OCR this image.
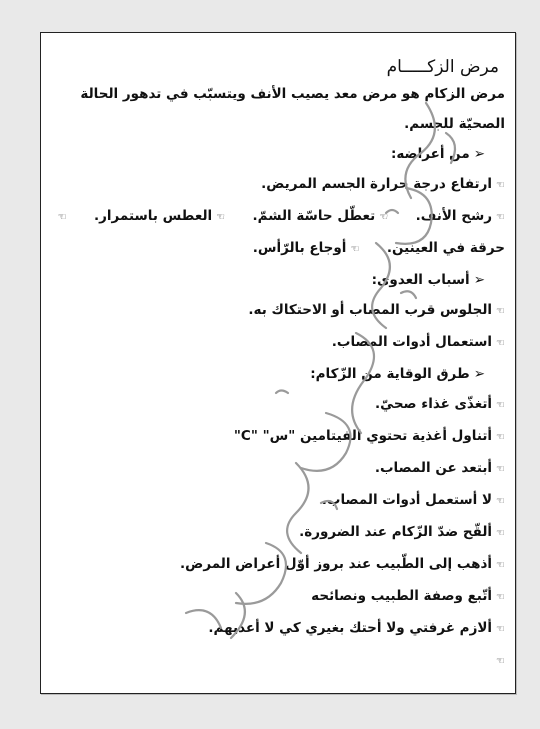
مرض الزكـــــام

مرض الزكام هو مرض معد يصيب الأنف ويتسبّب في تدهور الحالة الصحيّة للجسم.

➢من أعراضه:

☜ارتفاع درجة حرارة الجسم المريض.

☜رشح الأنف.  ☜تعطّل حاسّة الشمّ.  ☜العطس باستمرار.  ☜حرقة في العينين.  ☜أوجاع بالرّأس.

➢أسباب العدوى:

☜الجلوس قرب المصاب أو الاحتكاك به.

☜استعمال أدوات المصاب.

➢طرق الوقاية من الزّكام:

☜أتغذّى غذاء صحيّ.

☜أتناول أغذية تحتوي الفيتامين "س" "C"

☜أبتعد عن المصاب.

☜لا أستعمل أدوات المصاب.

☜ألقّح ضدّ الزّكام عند الضرورة.

☜أذهب إلى الطّبيب عند بروز أوّل أعراض المرض.

☜أتّبع وصفة الطبيب ونصائحه

☜ألازم غرفتي ولا أحتك بغيري كي لا أعديهم.

☜
